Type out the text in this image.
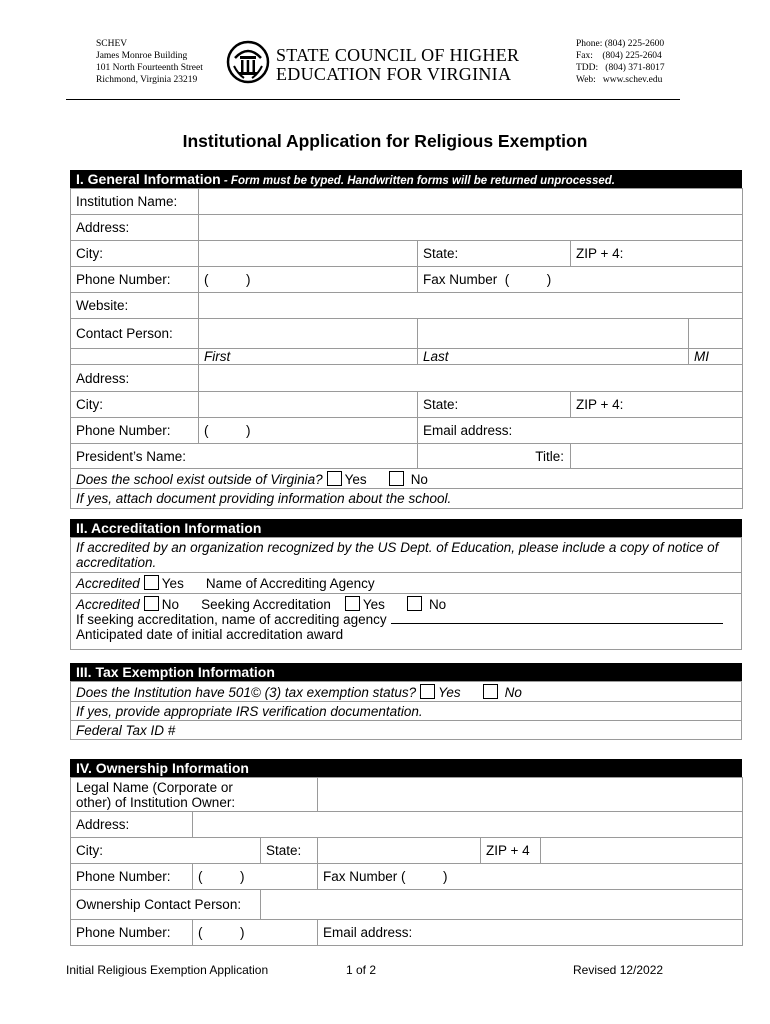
SCHEV
James Monroe Building
101 North Fourteenth Street
Richmond, Virginia 23219
STATE COUNCIL OF HIGHER
EDUCATION FOR VIRGINIA
Phone: (804) 225-2600
Fax:    (804) 225-2604
TDD:   (804) 371-8017
Web:   www.schev.edu
Institutional Application for Religious Exemption
I. General Information - Form must be typed. Handwritten forms will be returned unprocessed.
Institution Name:				
Address:				
City:		State:	ZIP + 4:	
Phone Number:	(          )	Fax Number  (          )		
Website:				
Contact Person:				
	First	Last		MI
Address:				
City:		State:	ZIP + 4:	
Phone Number:	(          )	Email address:		
President’s Name:		Title:		
Does the school exist outside of Virginia? Yes No				
If yes, attach document providing information about the school.				
II. Accreditation Information
If accredited by an organization recognized by the US Dept. of Education, please include a copy of notice of accreditation.
Accredited Yes Name of Accrediting Agency

Accredited No Seeking Accreditation Yes	No
If seeking accreditation, name of accrediting agency
Anticipated date of initial accreditation award
III. Tax Exemption Information
Does the Institution have 501© (3) tax exemption status? Yes	No
If yes, provide appropriate IRS verification documentation.
Federal Tax ID #
IV. Ownership Information
Legal Name (Corporate or other) of Institution Owner:					

Address:					
City:		State:		ZIP + 4	
Phone Number:	(          )		Fax Number (          )		
Ownership Contact Person:					
Phone Number:	(          )		Email address:		
Initial Religious Exemption Application	1 of 2	Revised 12/2022
